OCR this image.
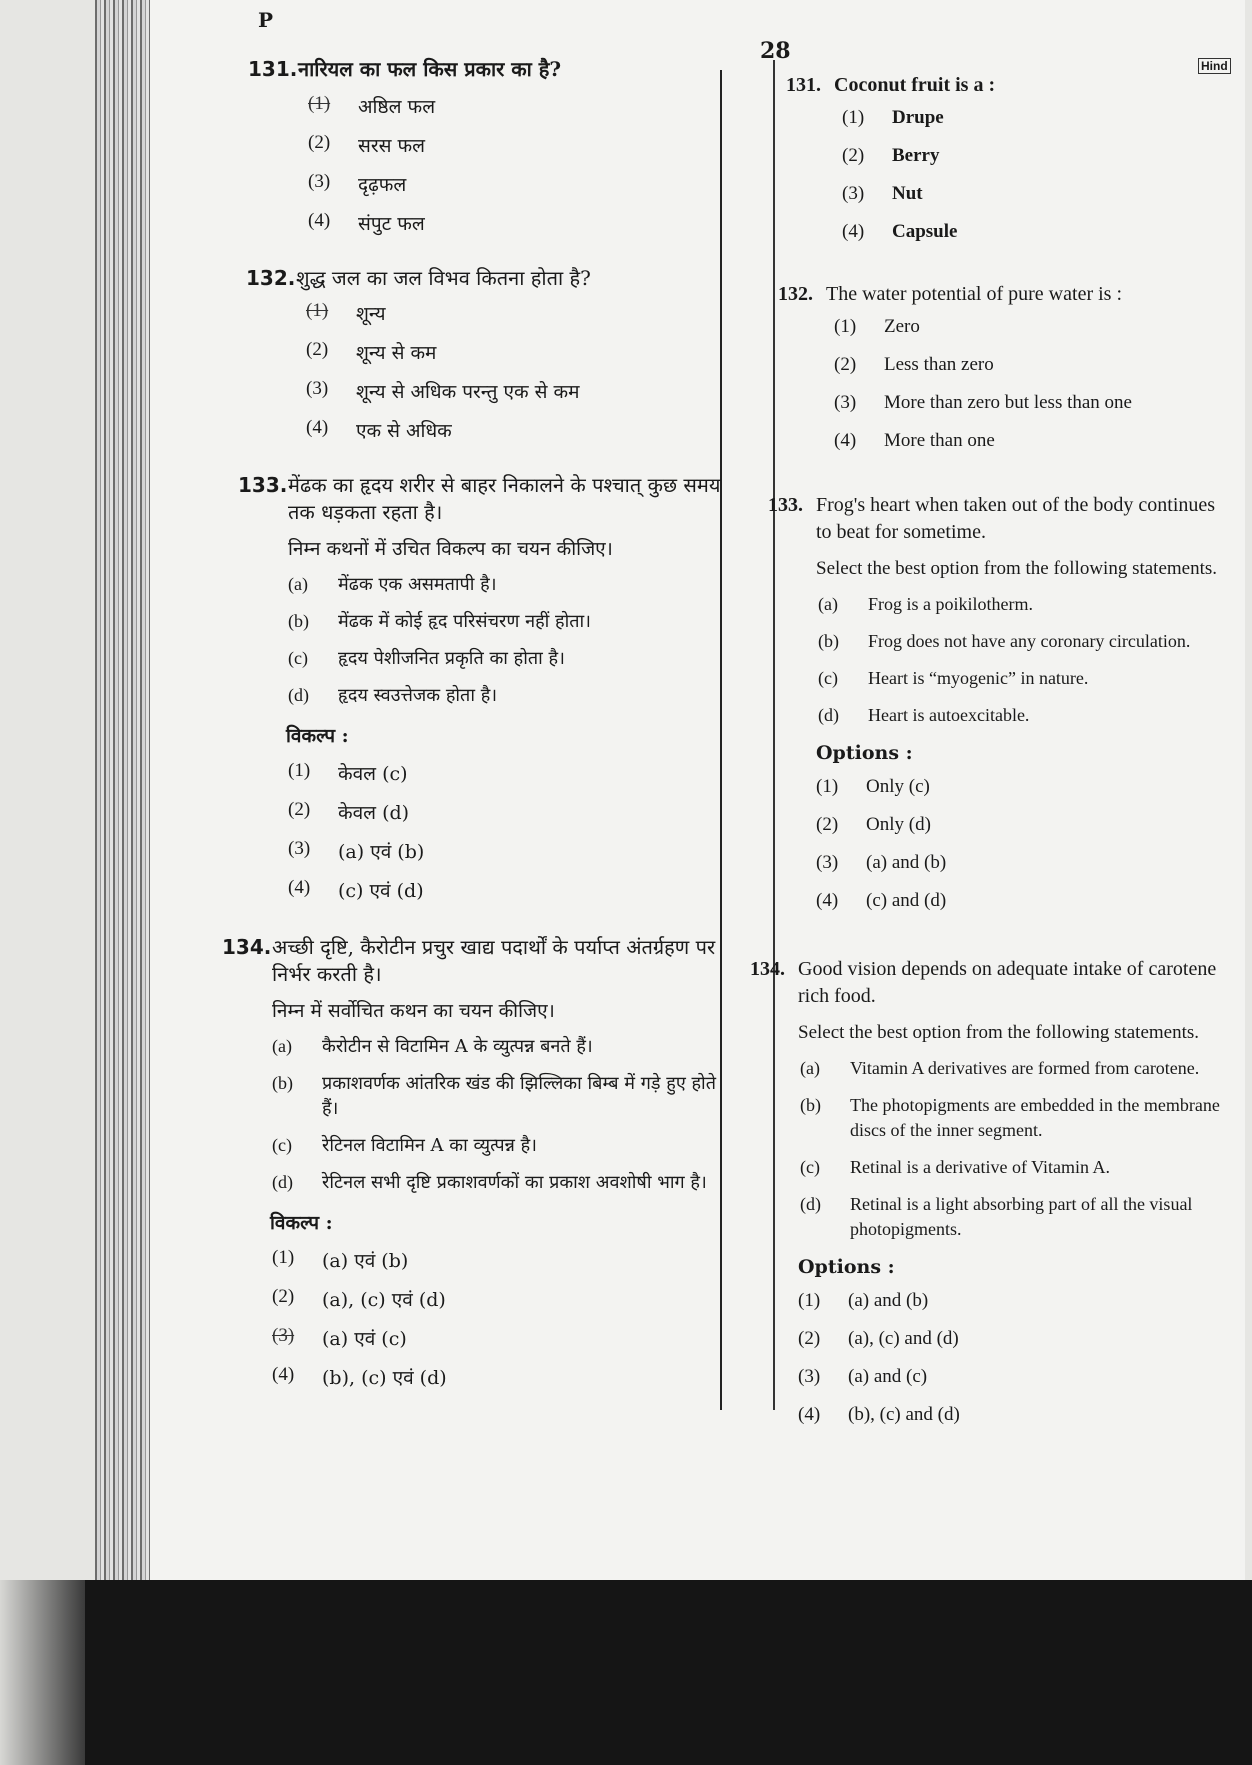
P
28
Hind
131. नारियल का फल किस प्रकार का है?
(1)	अष्ठिल फल
(2)	सरस फल
(3)	दृढ़फल
(4)	संपुट फल
132. शुद्ध जल का जल विभव कितना होता है?
(1)	शून्य
(2)	शून्य से कम
(3)	शून्य से अधिक परन्तु एक से कम
(4)	एक से अधिक
133. मेंढक का हृदय शरीर से बाहर निकालने के पश्चात् कुछ समय तक धड़कता रहता है।
निम्न कथनों में उचित विकल्प का चयन कीजिए।
(a)	मेंढक एक असमतापी है।
(b)	मेंढक में कोई हृद परिसंचरण नहीं होता।
(c)	हृदय पेशीजनित प्रकृति का होता है।
(d)	हृदय स्वउत्तेजक होता है।
विकल्प :
(1)	केवल (c)
(2)	केवल (d)
(3)	(a) एवं (b)
(4)	(c) एवं (d)
134. अच्छी दृष्टि, कैरोटीन प्रचुर खाद्य पदार्थों के पर्याप्त अंतर्ग्रहण पर निर्भर करती है।
निम्न में सर्वोचित कथन का चयन कीजिए।
(a)	कैरोटीन से विटामिन A के व्युत्पन्न बनते हैं।
(b)	प्रकाशवर्णक आंतरिक खंड की झिल्लिका बिम्ब में गड़े हुए होते हैं।
(c)	रेटिनल विटामिन A का व्युत्पन्न है।
(d)	रेटिनल सभी दृष्टि प्रकाशवर्णकों का प्रकाश अवशोषी भाग है।
विकल्प :
(1)	(a) एवं (b)
(2)	(a), (c) एवं (d)
(3)	(a) एवं (c)
(4)	(b), (c) एवं (d)
131. Coconut fruit is a :
(1)	Drupe
(2)	Berry
(3)	Nut
(4)	Capsule
132. The water potential of pure water is :
(1)	Zero
(2)	Less than zero
(3)	More than zero but less than one
(4)	More than one
133. Frog's heart when taken out of the body continues to beat for sometime.
Select the best option from the following statements.
(a)	Frog is a poikilotherm.
(b)	Frog does not have any coronary circulation.
(c)	Heart is “myogenic” in nature.
(d)	Heart is autoexcitable.
Options :
(1)	Only (c)
(2)	Only (d)
(3)	(a) and (b)
(4)	(c) and (d)
134. Good vision depends on adequate intake of carotene rich food.
Select the best option from the following statements.
(a)	Vitamin A derivatives are formed from carotene.
(b)	The photopigments are embedded in the membrane discs of the inner segment.
(c)	Retinal is a derivative of Vitamin A.
(d)	Retinal is a light absorbing part of all the visual photopigments.
Options :
(1)	(a) and (b)
(2)	(a), (c) and (d)
(3)	(a) and (c)
(4)	(b), (c) and (d)
